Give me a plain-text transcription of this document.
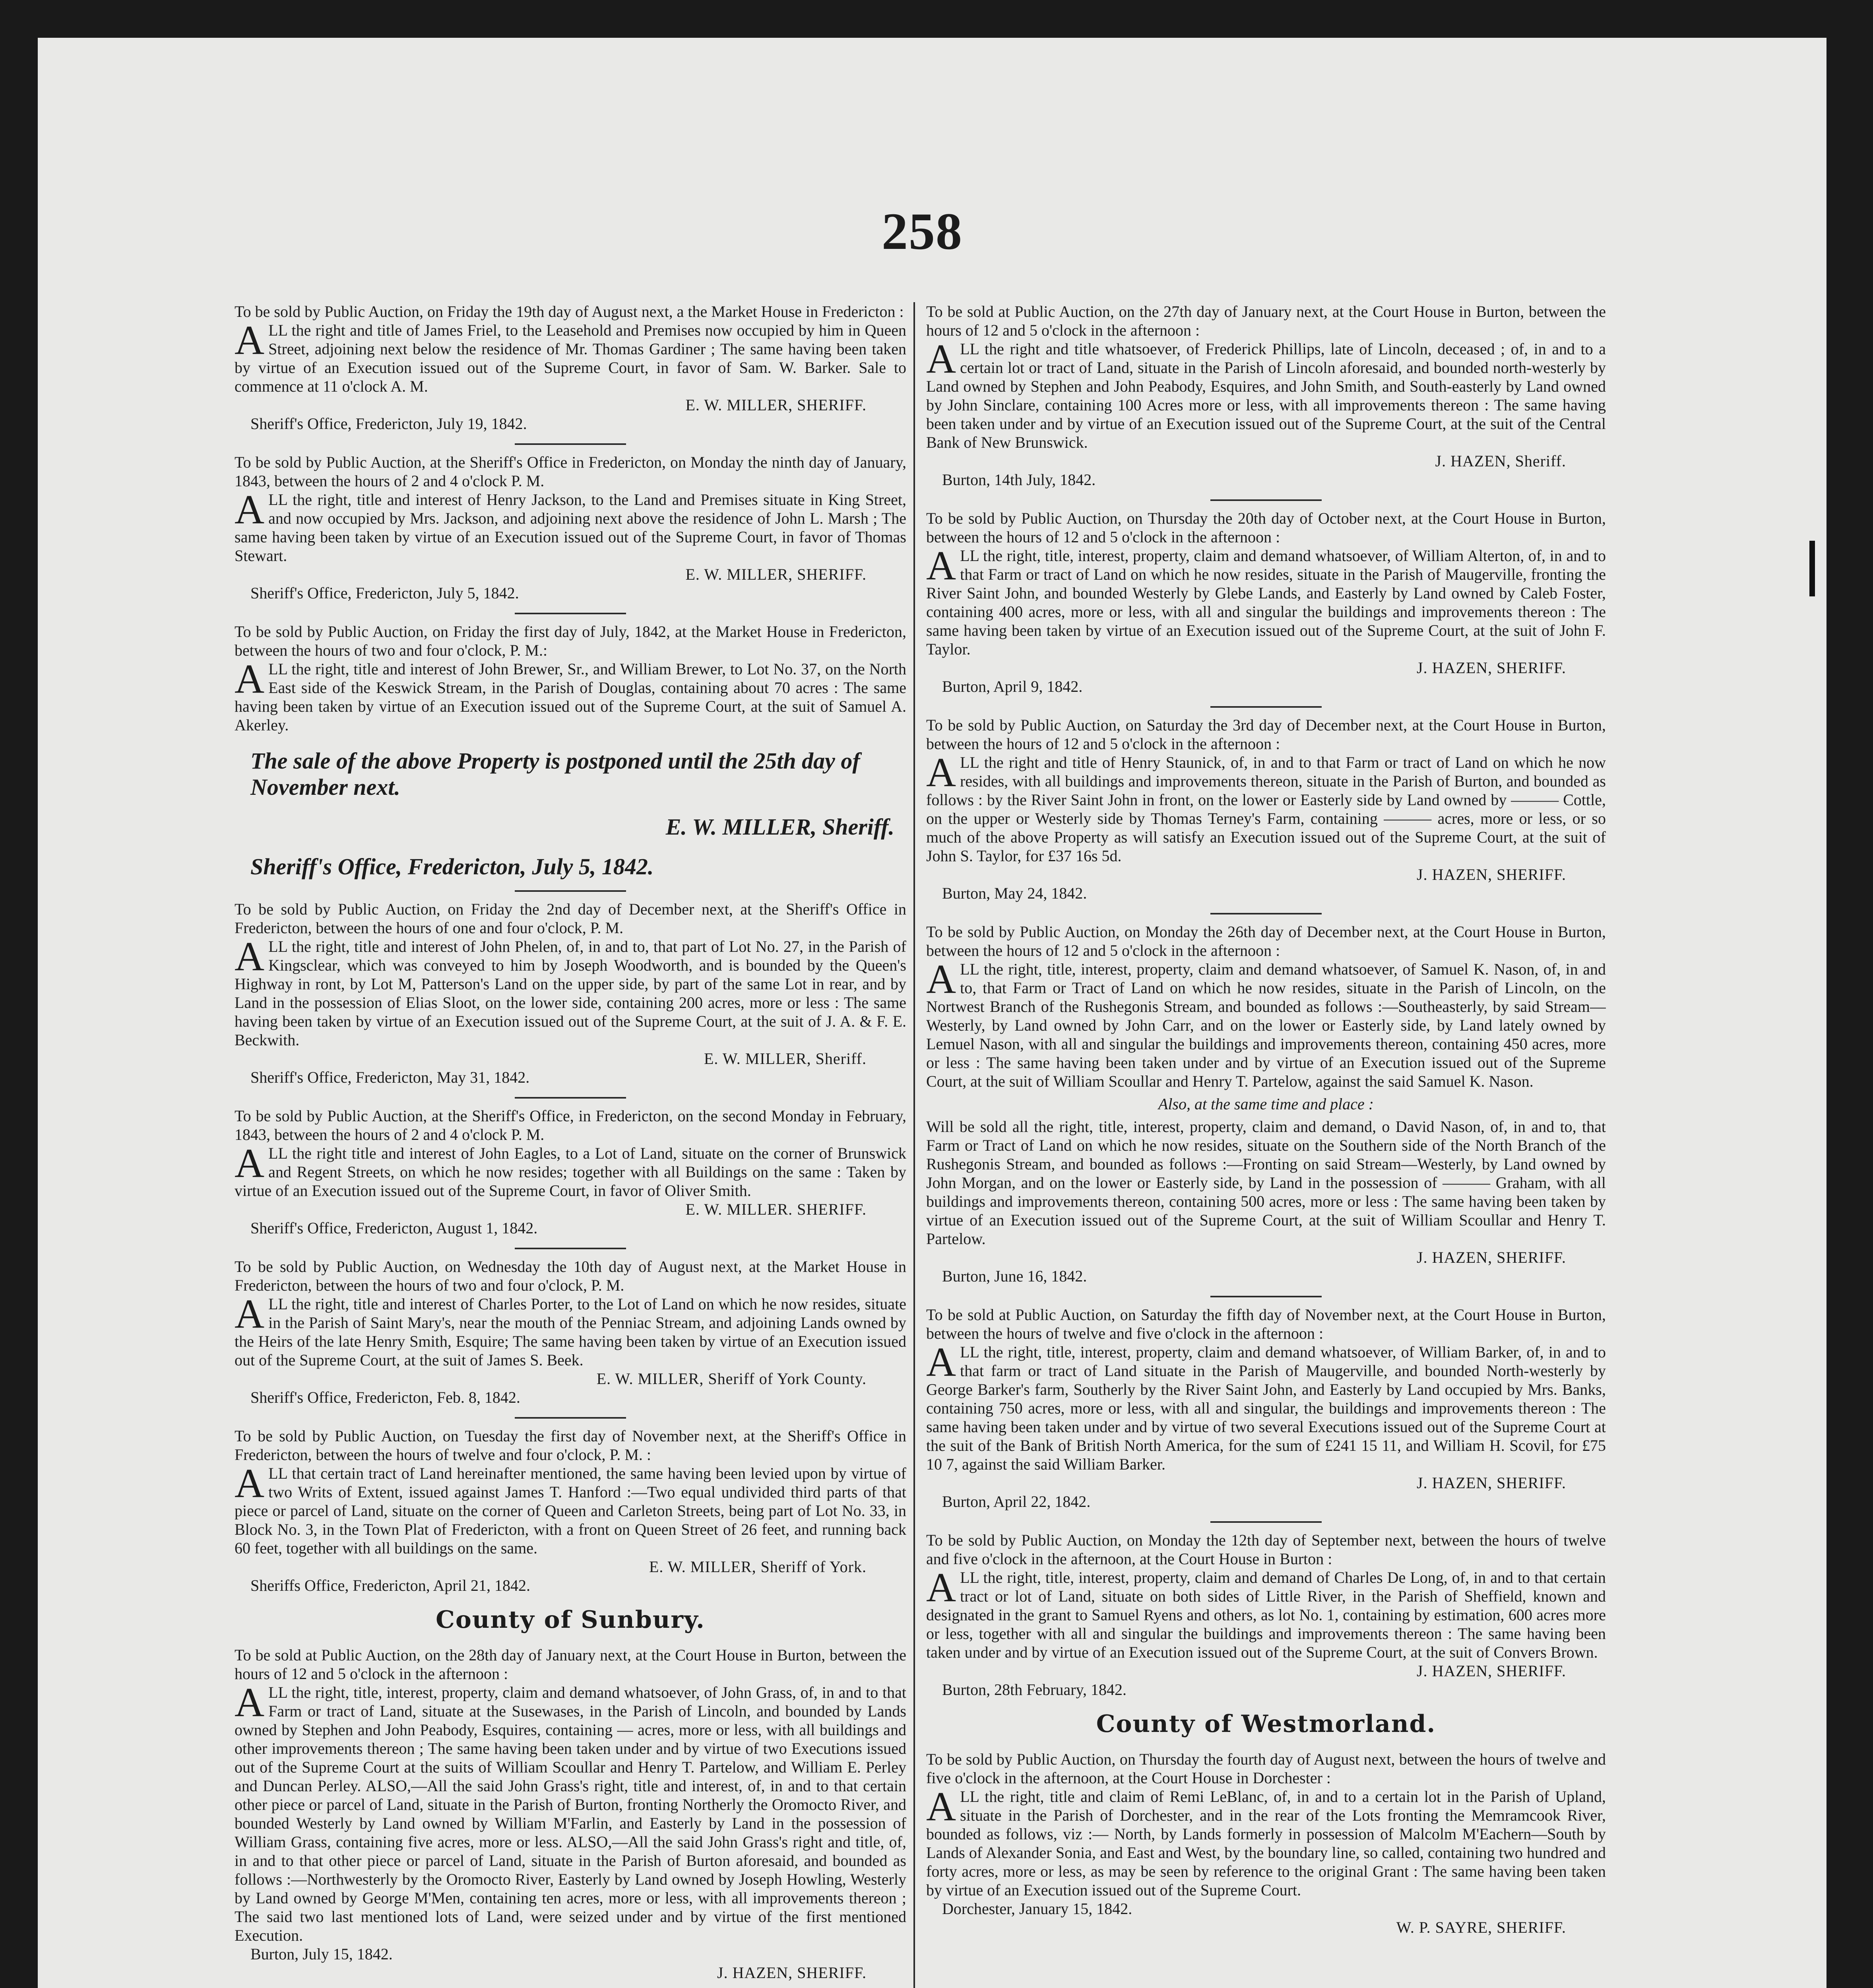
258

To be sold by Public Auction, on Friday the 19th day of August next, a the Market House in Fredericton :

ALL the right and title of James Friel, to the Leasehold and Premises now occupied by him in Queen Street, adjoining next below the residence of Mr. Thomas Gardiner ; The same having been taken by virtue of an Execution issued out of the Supreme Court, in favor of Sam. W. Barker. Sale to commence at 11 o'clock A. M.

E. W. MILLER, SHERIFF.

Sheriff's Office, Fredericton, July 19, 1842.

To be sold by Public Auction, at the Sheriff's Office in Fredericton, on Monday the ninth day of January, 1843, between the hours of 2 and 4 o'clock P. M.

ALL the right, title and interest of Henry Jackson, to the Land and Premises situate in King Street, and now occupied by Mrs. Jackson, and adjoining next above the residence of John L. Marsh ; The same having been taken by virtue of an Execution issued out of the Supreme Court, in favor of Thomas Stewart.

E. W. MILLER, SHERIFF.

Sheriff's Office, Fredericton, July 5, 1842.

To be sold by Public Auction, on Friday the first day of July, 1842, at the Market House in Fredericton, between the hours of two and four o'clock, P. M.:

ALL the right, title and interest of John Brewer, Sr., and William Brewer, to Lot No. 37, on the North East side of the Keswick Stream, in the Parish of Douglas, containing about 70 acres : The same having been taken by virtue of an Execution issued out of the Supreme Court, at the suit of Samuel A. Akerley.

The sale of the above Property is postponed until the 25th day of November next.
E. W. MILLER, Sheriff.
Sheriff's Office, Fredericton, July 5, 1842.

To be sold by Public Auction, on Friday the 2nd day of December next, at the Sheriff's Office in Fredericton, between the hours of one and four o'clock, P. M.

ALL the right, title and interest of John Phelen, of, in and to, that part of Lot No. 27, in the Parish of Kingsclear, which was conveyed to him by Joseph Woodworth, and is bounded by the Queen's Highway in ront, by Lot M, Patterson's Land on the upper side, by part of the same Lot in rear, and by Land in the possession of Elias Sloot, on the lower side, containing 200 acres, more or less : The same having been taken by virtue of an Execution issued out of the Supreme Court, at the suit of J. A. & F. E. Beckwith.

E. W. MILLER, Sheriff.

Sheriff's Office, Fredericton, May 31, 1842.

To be sold by Public Auction, at the Sheriff's Office, in Fredericton, on the second Monday in February, 1843, between the hours of 2 and 4 o'clock P. M.

ALL the right title and interest of John Eagles, to a Lot of Land, situate on the corner of Brunswick and Regent Streets, on which he now resides; together with all Buildings on the same : Taken by virtue of an Execution issued out of the Supreme Court, in favor of Oliver Smith.

E. W. MILLER. SHERIFF.

Sheriff's Office, Fredericton, August 1, 1842.

To be sold by Public Auction, on Wednesday the 10th day of August next, at the Market House in Fredericton, between the hours of two and four o'clock, P. M.

ALL the right, title and interest of Charles Porter, to the Lot of Land on which he now resides, situate in the Parish of Saint Mary's, near the mouth of the Penniac Stream, and adjoining Lands owned by the Heirs of the late Henry Smith, Esquire; The same having been taken by virtue of an Execution issued out of the Supreme Court, at the suit of James S. Beek.

E. W. MILLER, Sheriff of York County.

Sheriff's Office, Fredericton, Feb. 8, 1842.

To be sold by Public Auction, on Tuesday the first day of November next, at the Sheriff's Office in Fredericton, between the hours of twelve and four o'clock, P. M. :

ALL that certain tract of Land hereinafter mentioned, the same having been levied upon by virtue of two Writs of Extent, issued against James T. Hanford :—Two equal undivided third parts of that piece or parcel of Land, situate on the corner of Queen and Carleton Streets, being part of Lot No. 33, in Block No. 3, in the Town Plat of Fredericton, with a front on Queen Street of 26 feet, and running back 60 feet, together with all buildings on the same.

E. W. MILLER, Sheriff of York.

Sheriffs Office, Fredericton, April 21, 1842.

County of Sunbury.

To be sold at Public Auction, on the 28th day of January next, at the Court House in Burton, between the hours of 12 and 5 o'clock in the afternoon :

ALL the right, title, interest, property, claim and demand whatsoever, of John Grass, of, in and to that Farm or tract of Land, situate at the Susewases, in the Parish of Lincoln, and bounded by Lands owned by Stephen and John Peabody, Esquires, containing — acres, more or less, with all buildings and other improvements thereon ; The same having been taken under and by virtue of two Executions issued out of the Supreme Court at the suits of William Scoullar and Henry T. Partelow, and William E. Perley and Duncan Perley. ALSO,—All the said John Grass's right, title and interest, of, in and to that certain other piece or parcel of Land, situate in the Parish of Burton, fronting Northerly the Oromocto River, and bounded Westerly by Land owned by William M'Farlin, and Easterly by Land in the possession of William Grass, containing five acres, more or less. ALSO,—All the said John Grass's right and title, of, in and to that other piece or parcel of Land, situate in the Parish of Burton aforesaid, and bounded as follows :—Northwesterly by the Oromocto River, Easterly by Land owned by Joseph Howling, Westerly by Land owned by George M'Men, containing ten acres, more or less, with all improvements thereon ; The said two last mentioned lots of Land, were seized under and by virtue of the first mentioned Execution.

Burton, July 15, 1842.

J. HAZEN, SHERIFF.

To be sold at Public Auction, on the 27th day of January next, at the Court House in Burton, between the hours of 12 and 5 o'clock in the afternoon :

ALL the right and title whatsoever, of Frederick Phillips, late of Lincoln, deceased ; of, in and to a certain lot or tract of Land, situate in the Parish of Lincoln aforesaid, and bounded north-westerly by Land owned by Stephen and John Peabody, Esquires, and John Smith, and South-easterly by Land owned by John Sinclare, containing 100 Acres more or less, with all improvements thereon : The same having been taken under and by virtue of an Execution issued out of the Supreme Court, at the suit of the Central Bank of New Brunswick.

J. HAZEN, Sheriff.

Burton, 14th July, 1842.

To be sold by Public Auction, on Thursday the 20th day of October next, at the Court House in Burton, between the hours of 12 and 5 o'clock in the afternoon :

ALL the right, title, interest, property, claim and demand whatsoever, of William Alterton, of, in and to that Farm or tract of Land on which he now resides, situate in the Parish of Maugerville, fronting the River Saint John, and bounded Westerly by Glebe Lands, and Easterly by Land owned by Caleb Foster, containing 400 acres, more or less, with all and singular the buildings and improvements thereon : The same having been taken by virtue of an Execution issued out of the Supreme Court, at the suit of John F. Taylor.

J. HAZEN, SHERIFF.

Burton, April 9, 1842.

To be sold by Public Auction, on Saturday the 3rd day of December next, at the Court House in Burton, between the hours of 12 and 5 o'clock in the afternoon :

ALL the right and title of Henry Staunick, of, in and to that Farm or tract of Land on which he now resides, with all buildings and improvements thereon, situate in the Parish of Burton, and bounded as follows : by the River Saint John in front, on the lower or Easterly side by Land owned by ——— Cottle, on the upper or Westerly side by Thomas Terney's Farm, containing ——— acres, more or less, or so much of the above Property as will satisfy an Execution issued out of the Supreme Court, at the suit of John S. Taylor, for £37 16s 5d.

J. HAZEN, SHERIFF.

Burton, May 24, 1842.

To be sold by Public Auction, on Monday the 26th day of December next, at the Court House in Burton, between the hours of 12 and 5 o'clock in the afternoon :

ALL the right, title, interest, property, claim and demand whatsoever, of Samuel K. Nason, of, in and to, that Farm or Tract of Land on which he now resides, situate in the Parish of Lincoln, on the Nortwest Branch of the Rushegonis Stream, and bounded as follows :—Southeasterly, by said Stream—Westerly, by Land owned by John Carr, and on the lower or Easterly side, by Land lately owned by Lemuel Nason, with all and singular the buildings and improvements thereon, containing 450 acres, more or less : The same having been taken under and by virtue of an Execution issued out of the Supreme Court, at the suit of William Scoullar and Henry T. Partelow, against the said Samuel K. Nason.

Also, at the same time and place :

Will be sold all the right, title, interest, property, claim and demand, o David Nason, of, in and to, that Farm or Tract of Land on which he now resides, situate on the Southern side of the North Branch of the Rushegonis Stream, and bounded as follows :—Fronting on said Stream—Westerly, by Land owned by John Morgan, and on the lower or Easterly side, by Land in the possession of ——— Graham, with all buildings and improvements thereon, containing 500 acres, more or less : The same having been taken by virtue of an Execution issued out of the Supreme Court, at the suit of William Scoullar and Henry T. Partelow.

J. HAZEN, SHERIFF.

Burton, June 16, 1842.

To be sold at Public Auction, on Saturday the fifth day of November next, at the Court House in Burton, between the hours of twelve and five o'clock in the afternoon :

ALL the right, title, interest, property, claim and demand whatsoever, of William Barker, of, in and to that farm or tract of Land situate in the Parish of Maugerville, and bounded North-westerly by George Barker's farm, Southerly by the River Saint John, and Easterly by Land occupied by Mrs. Banks, containing 750 acres, more or less, with all and singular, the buildings and improvements thereon : The same having been taken under and by virtue of two several Executions issued out of the Supreme Court at the suit of the Bank of British North America, for the sum of £241 15 11, and William H. Scovil, for £75 10 7, against the said William Barker.

J. HAZEN, SHERIFF.

Burton, April 22, 1842.

To be sold by Public Auction, on Monday the 12th day of September next, between the hours of twelve and five o'clock in the afternoon, at the Court House in Burton :

ALL the right, title, interest, property, claim and demand of Charles De Long, of, in and to that certain tract or lot of Land, situate on both sides of Little River, in the Parish of Sheffield, known and designated in the grant to Samuel Ryens and others, as lot No. 1, containing by estimation, 600 acres more or less, together with all and singular the buildings and improvements thereon : The same having been taken under and by virtue of an Execution issued out of the Supreme Court, at the suit of Convers Brown.

J. HAZEN, SHERIFF.

Burton, 28th February, 1842.

County of Westmorland.

To be sold by Public Auction, on Thursday the fourth day of August next, between the hours of twelve and five o'clock in the afternoon, at the Court House in Dorchester :

ALL the right, title and claim of Remi LeBlanc, of, in and to a certain lot in the Parish of Upland, situate in the Parish of Dorchester, and in the rear of the Lots fronting the Memramcook River, bounded as follows, viz :— North, by Lands formerly in possession of Malcolm M'Eachern—South by Lands of Alexander Sonia, and East and West, by the boundary line, so called, containing two hundred and forty acres, more or less, as may be seen by reference to the original Grant : The same having been taken by virtue of an Execution issued out of the Supreme Court.

Dorchester, January 15, 1842.

W. P. SAYRE, SHERIFF.
